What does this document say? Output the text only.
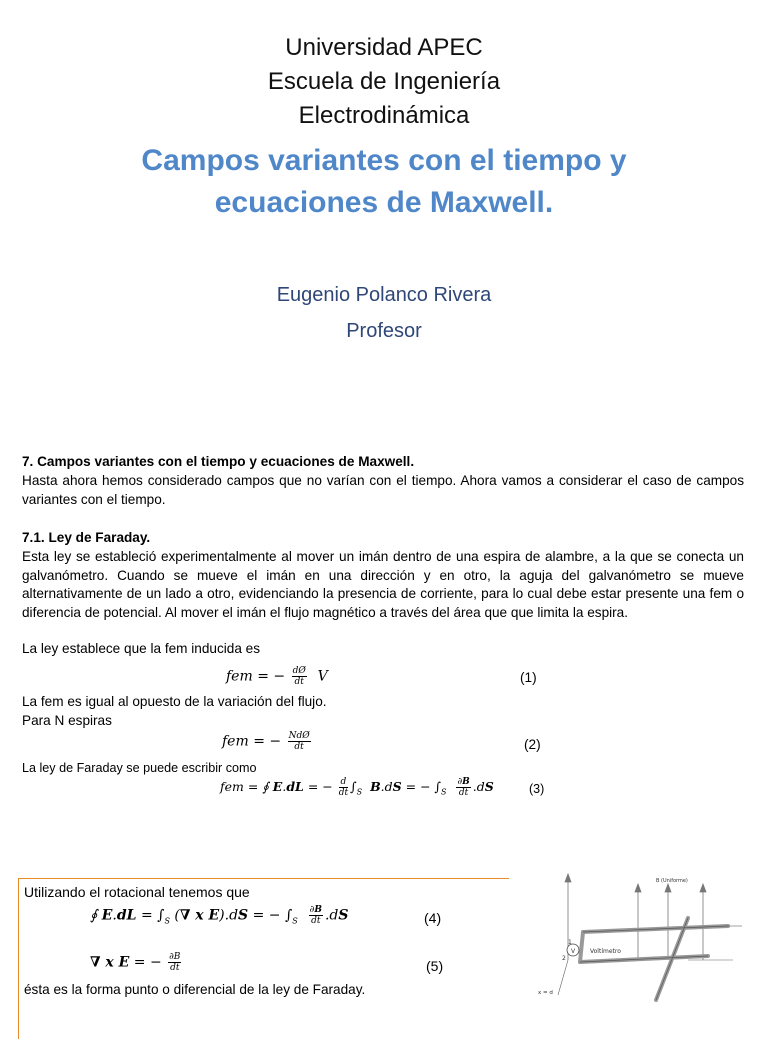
Universidad APEC
Escuela de Ingeniería
Electrodinámica
Campos variantes con el tiempo y
ecuaciones de Maxwell.
Eugenio Polanco Rivera
Profesor
7. Campos variantes con el tiempo y ecuaciones de Maxwell.
Hasta ahora hemos considerado campos que no varían con el tiempo. Ahora vamos a considerar el caso de campos variantes con el tiempo.
7.1. Ley de Faraday.
Esta ley se estableció experimentalmente al mover un imán dentro de una espira de alambre, a la que se conecta un galvanómetro. Cuando se mueve el imán en una dirección y en otro, la aguja del galvanómetro se mueve alternativamente de un lado a otro, evidenciando la presencia de corriente, para lo cual debe estar presente una fem o diferencia de potencial. Al mover el imán el flujo magnético a través del área que que limita la espira.
La ley establece que la fem inducida es
fem = − $\frac{dØ}{dt}$ V	(1)
La fem es igual al opuesto de la variación del flujo.
Para N espiras
fem = − $\frac{\text{NdØ}}{dt}$	(2)
La ley de Faraday se puede escribir como
fem = ∮ E.dL = − $\frac{d}{dt} \int_S$ B.dS = − $\int_S \frac{\partial B}{dt} .dS$	(3)
Utilizando el rotacional tenemos que
∮ $E.dL = \int_S$ (∇ x E).dS = − $\int_S \frac{\partial B}{dt} .dS$	(4)
∇ x E = − $\frac{\partial B}{dt}$	(5)
ésta es la forma punto o diferencial de la ley de Faraday.
V Voltímetro
B (Uniforme)
1
2
x = d
